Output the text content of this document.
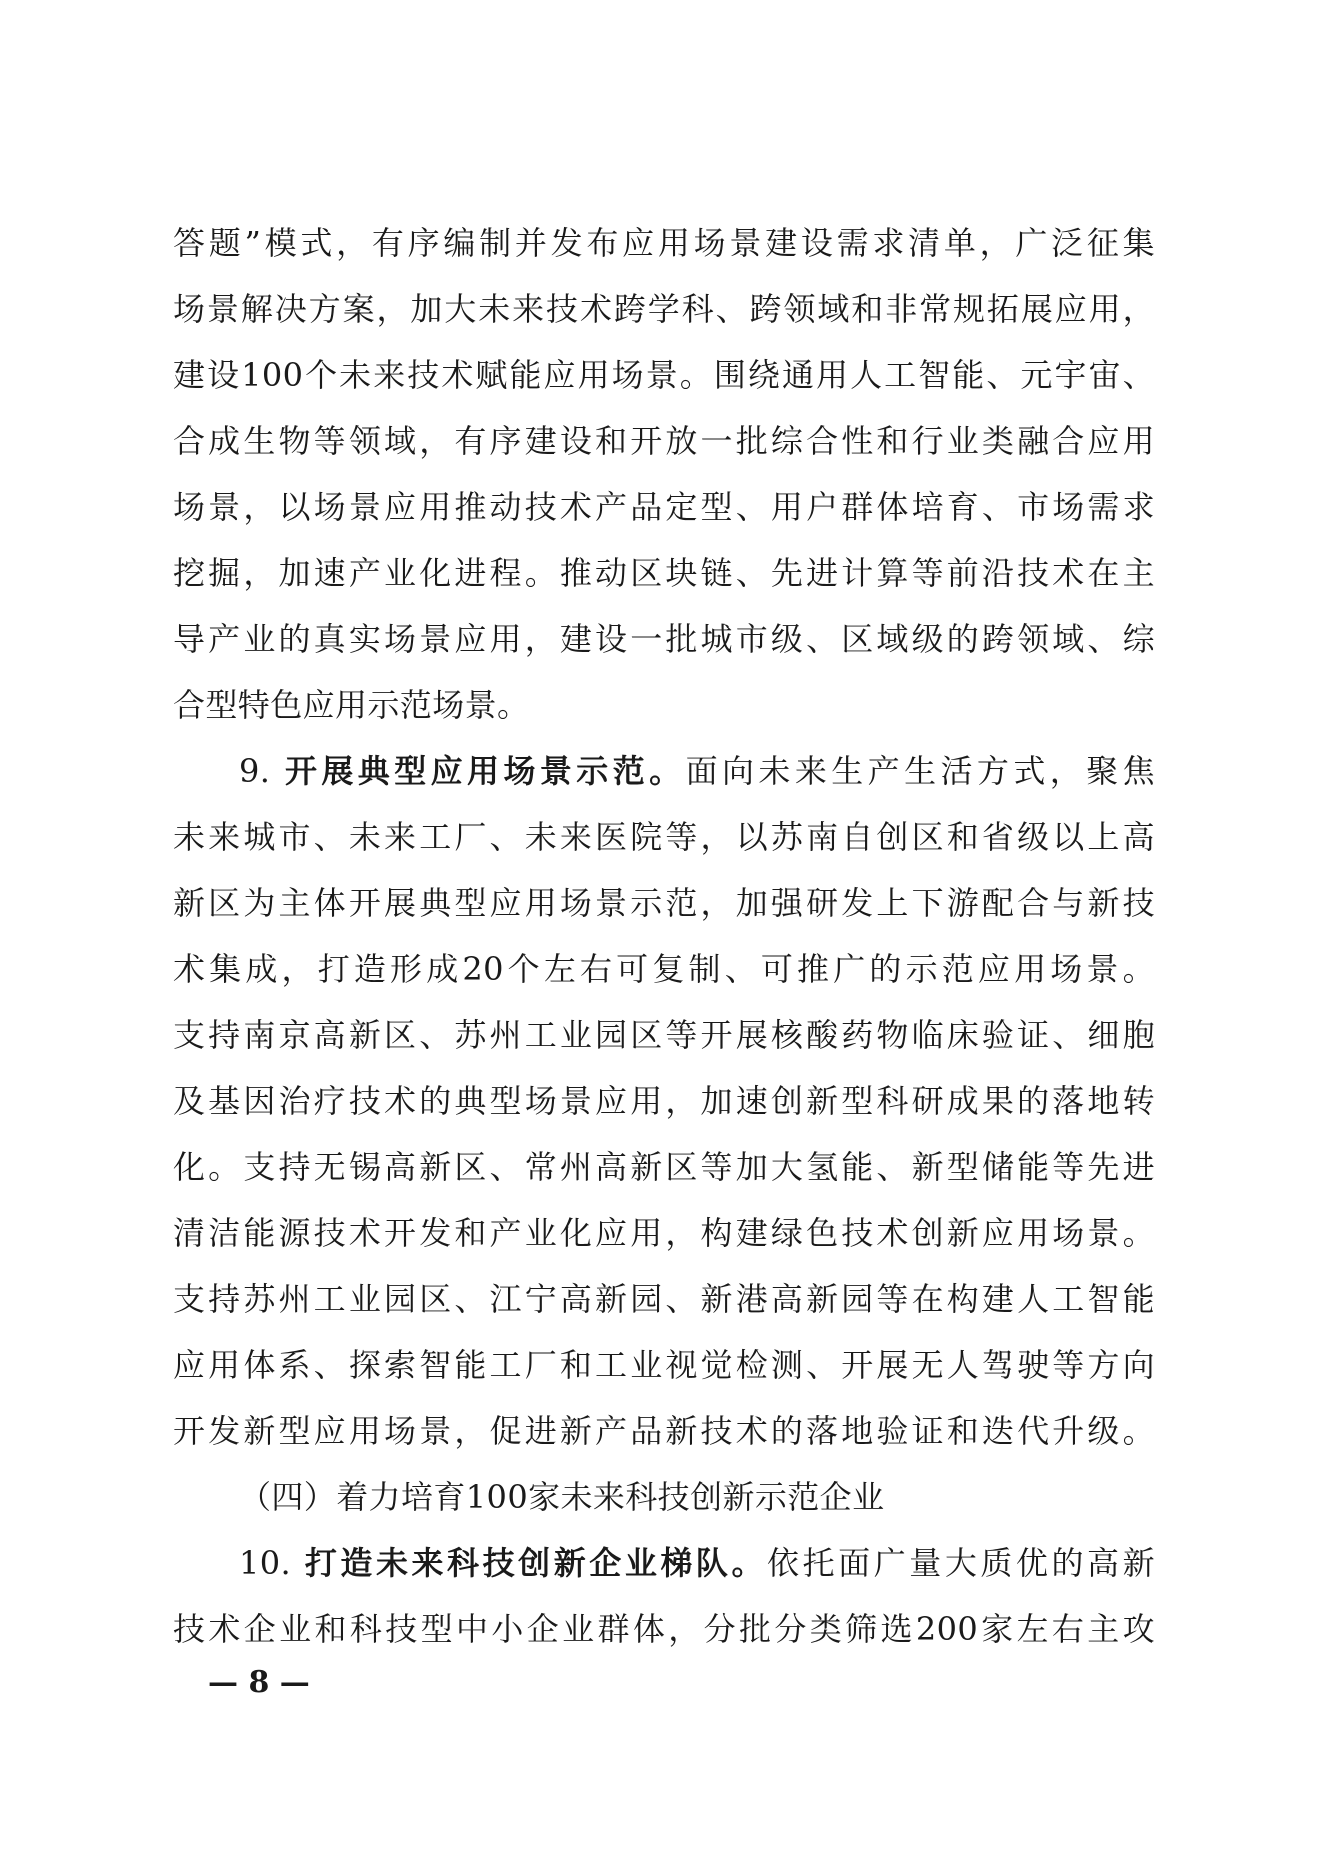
答题”模式，有序编制并发布应用场景建设需求清单，广泛征集
场景解决方案，加大未来技术跨学科、跨领域和非常规拓展应用，
建设100个未来技术赋能应用场景。围绕通用人工智能、元宇宙、
合成生物等领域，有序建设和开放一批综合性和行业类融合应用
场景，以场景应用推动技术产品定型、用户群体培育、市场需求
挖掘，加速产业化进程。推动区块链、先进计算等前沿技术在主
导产业的真实场景应用，建设一批城市级、区域级的跨领域、综
合型特色应用示范场景。
9. 开展典型应用场景示范。面向未来生产生活方式，聚焦
未来城市、未来工厂、未来医院等，以苏南自创区和省级以上高
新区为主体开展典型应用场景示范，加强研发上下游配合与新技
术集成，打造形成20个左右可复制、可推广的示范应用场景。
支持南京高新区、苏州工业园区等开展核酸药物临床验证、细胞
及基因治疗技术的典型场景应用，加速创新型科研成果的落地转
化。支持无锡高新区、常州高新区等加大氢能、新型储能等先进
清洁能源技术开发和产业化应用，构建绿色技术创新应用场景。
支持苏州工业园区、江宁高新园、新港高新园等在构建人工智能
应用体系、探索智能工厂和工业视觉检测、开展无人驾驶等方向
开发新型应用场景，促进新产品新技术的落地验证和迭代升级。
（四）着力培育100家未来科技创新示范企业
10. 打造未来科技创新企业梯队。依托面广量大质优的高新
技术企业和科技型中小企业群体，分批分类筛选200家左右主攻
— 8 —
